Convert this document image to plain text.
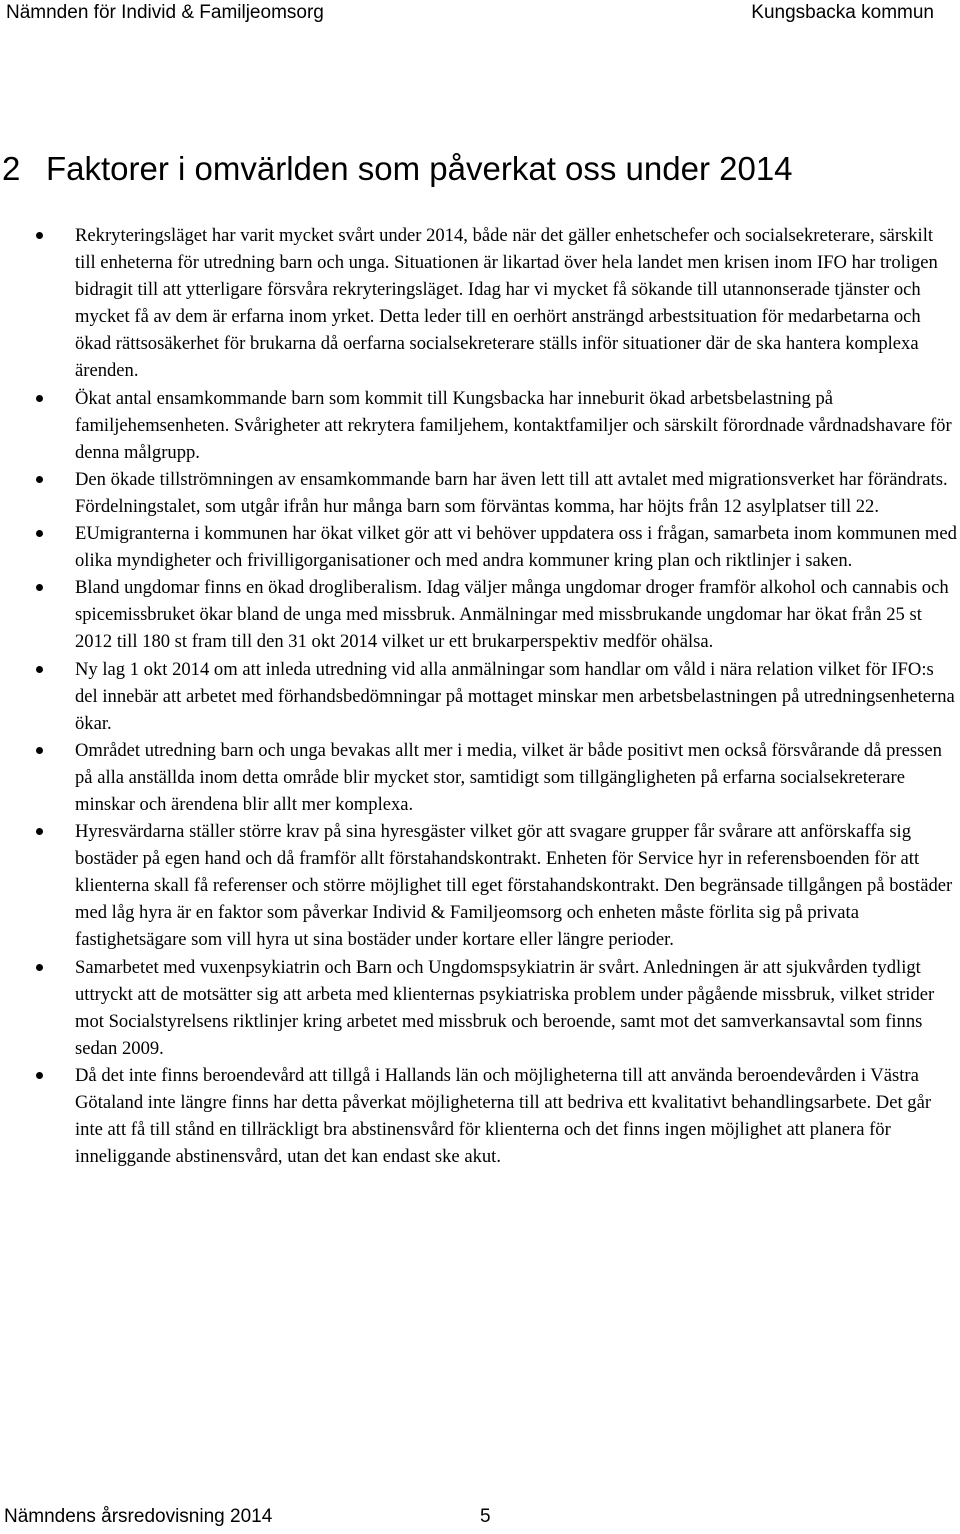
Nämnden för Individ & Familjeomsorg	Kungsbacka kommun
2 Faktorer i omvärlden som påverkat oss under 2014
Rekryteringsläget har varit mycket svårt under 2014, både när det gäller enhetschefer och socialsekreterare, särskilt till enheterna för utredning barn och unga. Situationen är likartad över hela landet men krisen inom IFO har troligen bidragit till att ytterligare försvåra rekryteringsläget. Idag har vi mycket få sökande till utannonserade tjänster och mycket få av dem är erfarna inom yrket. Detta leder till en oerhört ansträngd arbestsituation för medarbetarna och ökad rättsosäkerhet för brukarna då oerfarna socialsekreterare ställs inför situationer där de ska hantera komplexa ärenden.
Ökat antal ensamkommande barn som kommit till Kungsbacka har inneburit ökad arbetsbelastning på familjehemsenheten. Svårigheter att rekrytera familjehem, kontaktfamiljer och särskilt förordnade vårdnadshavare för denna målgrupp.
Den ökade tillströmningen av ensamkommande barn har även lett till att avtalet med migrationsverket har förändrats. Fördelningstalet, som utgår ifrån hur många barn som förväntas komma, har höjts från 12 asylplatser till 22.
EUmigranterna i kommunen har ökat vilket gör att vi behöver uppdatera oss i frågan, samarbeta inom kommunen med olika myndigheter och frivilligorganisationer och med andra kommuner kring plan och riktlinjer i saken.
Bland ungdomar finns en ökad drogliberalism. Idag väljer många ungdomar droger framför alkohol och cannabis och spicemissbruket ökar bland de unga med missbruk. Anmälningar med missbrukande ungdomar har ökat från 25 st 2012 till 180 st fram till den 31 okt 2014 vilket ur ett brukarperspektiv medför ohälsa.
Ny lag 1 okt 2014 om att inleda utredning vid alla anmälningar som handlar om våld i nära relation vilket för IFO:s del innebär att arbetet med förhandsbedömningar på mottaget minskar men arbetsbelastningen på utredningsenheterna ökar.
Området utredning barn och unga bevakas allt mer i media, vilket är både positivt men också försvårande då pressen på alla anställda inom detta område blir mycket stor, samtidigt som tillgängligheten på erfarna socialsekreterare minskar och ärendena blir allt mer komplexa.
Hyresvärdarna ställer större krav på sina hyresgäster vilket gör att svagare grupper får svårare att anförskaffa sig bostäder på egen hand och då framför allt förstahandskontrakt. Enheten för Service hyr in referensboenden för att klienterna skall få referenser och större möjlighet till eget förstahandskontrakt. Den begränsade tillgången på bostäder med låg hyra är en faktor som påverkar Individ & Familjeomsorg och enheten måste förlita sig på privata fastighetsägare som vill hyra ut sina bostäder under kortare eller längre perioder.
Samarbetet med vuxenpsykiatrin och Barn och Ungdomspsykiatrin är svårt. Anledningen är att sjukvården tydligt uttryckt att de motsätter sig att arbeta med klienternas psykiatriska problem under pågående missbruk, vilket strider mot Socialstyrelsens riktlinjer kring arbetet med missbruk och beroende, samt mot det samverkansavtal som finns sedan 2009.
Då det inte finns beroendevård att tillgå i Hallands län och möjligheterna till att använda beroendevården i Västra Götaland inte längre finns har detta påverkat möjligheterna till att bedriva ett kvalitativt behandlingsarbete. Det går inte att få till stånd en tillräckligt bra abstinensvård för klienterna och det finns ingen möjlighet att planera för inneliggande abstinensvård, utan det kan endast ske akut.
Nämndens årsredovisning 2014	5
